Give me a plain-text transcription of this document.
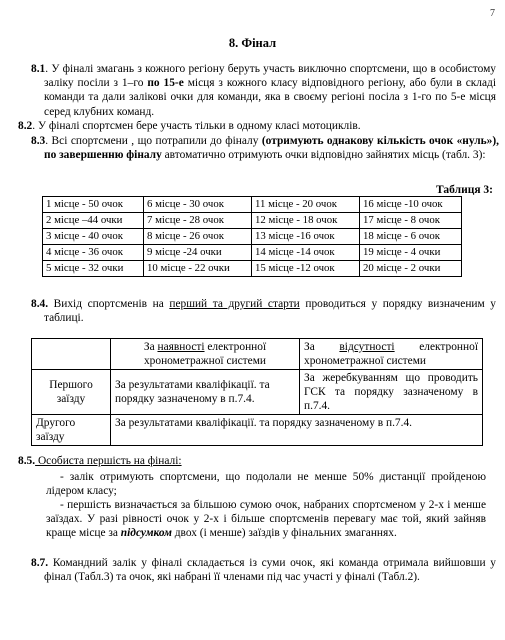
7
8. Фінал
8.1. У фіналі змагань з кожного регіону беруть участь виключно спортсмени, що в особистому заліку посіли з 1–го по 15-е місця з кожного класу відповідного регіону, або були в складі команди та дали залікові очки для команди, яка в своєму регіоні посіла з 1-го по 5-е місця серед клубних команд.
8.2. У фіналі спортсмен бере участь тільки в одному класі мотоциклів.
8.3. Всі спортсмени , що потрапили до фіналу (отримують однакову кількість очок «нуль»), по завершенню фіналу автоматично отримують очки відповідно зайнятих місць (табл. 3):
Таблиця 3:
1 місце - 50 очок	6 місце - 30 очок	11 місце - 20 очок	16 місце -10 очок
2 місце –44 очки	7 місце - 28 очок	12 місце - 18 очок	17 місце - 8 очок
3 місце - 40 очок	8 місце - 26 очок	13 місце -16 очок	18 місце - 6 очок
4 місце - 36 очок	9 місце -24 очки	14 місце -14 очок	19 місце - 4 очки
5 місце - 32 очки	10 місце - 22 очки	15 місце -12 очок	20 місце - 2 очки
8.4. Вихід спортсменів на перший та другий старти проводиться у порядку визначеним у таблиці.
	За наявності електронної хронометражної системи	За відсутності електронної хронометражної системи
Першого заїзду	За результатами кваліфікації. та порядку зазначеному в п.7.4.	За жеребкуванням що проводить ГСК та порядку зазначеному в п.7.4.
Другого заїзду	За результатами кваліфікації. та порядку зазначеному в п.7.4.	
8.5. Особиста першість на фіналі:
- залік отримують спортсмени, що подолали не менше 50% дистанції пройденою лідером класу;
- першість визначається за більшою сумою очок, набраних спортсменом у 2-х і менше заїздах. У разі рівності очок у 2-х і більше спортсменів перевагу має той, який зайняв краще місце за підсумком двох (і менше) заїздів у фінальних змаганнях.
8.7. Командний залік у фіналі складається із суми очок, які команда отримала вийшовши у фінал (Табл.3) та очок, які набрані її членами під час участі у фіналі (Табл.2).
